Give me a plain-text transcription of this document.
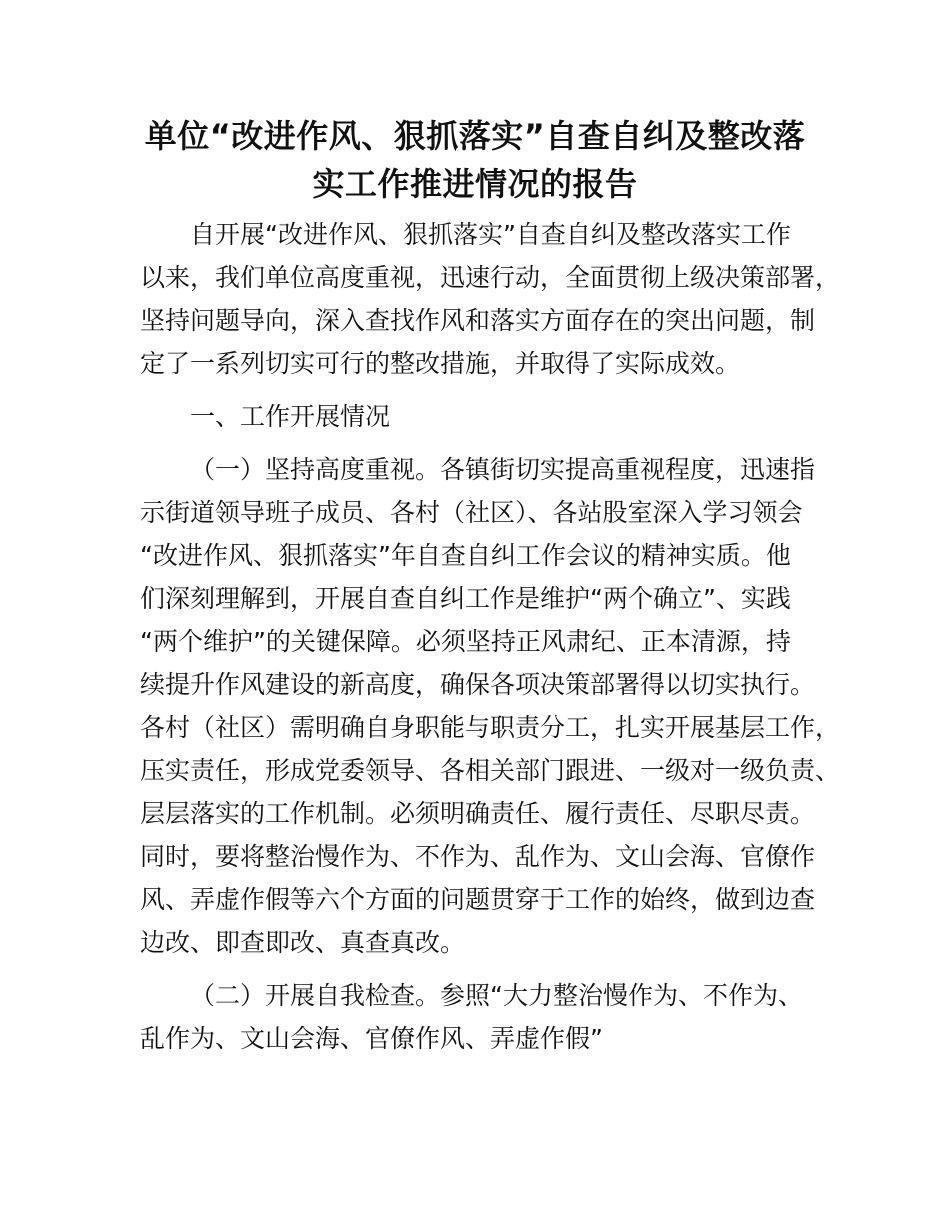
单位“改进作风、狠抓落实”自查自纠及整改落
实工作推进情况的报告
自开展“改进作风、狠抓落实”自查自纠及整改落实工作
以来，我们单位高度重视，迅速行动，全面贯彻上级决策部署，
坚持问题导向，深入查找作风和落实方面存在的突出问题，制
定了一系列切实可行的整改措施，并取得了实际成效。
一、工作开展情况
（一）坚持高度重视。各镇街切实提高重视程度，迅速指
示街道领导班子成员、各村（社区）、各站股室深入学习领会
“改进作风、狠抓落实”年自查自纠工作会议的精神实质。他
们深刻理解到，开展自查自纠工作是维护“两个确立”、实践
“两个维护”的关键保障。必须坚持正风肃纪、正本清源，持
续提升作风建设的新高度，确保各项决策部署得以切实执行。
各村（社区）需明确自身职能与职责分工，扎实开展基层工作，
压实责任，形成党委领导、各相关部门跟进、一级对一级负责、
层层落实的工作机制。必须明确责任、履行责任、尽职尽责。
同时，要将整治慢作为、不作为、乱作为、文山会海、官僚作
风、弄虚作假等六个方面的问题贯穿于工作的始终，做到边查
边改、即查即改、真查真改。
（二）开展自我检查。参照“大力整治慢作为、不作为、
乱作为、文山会海、官僚作风、弄虚作假”
